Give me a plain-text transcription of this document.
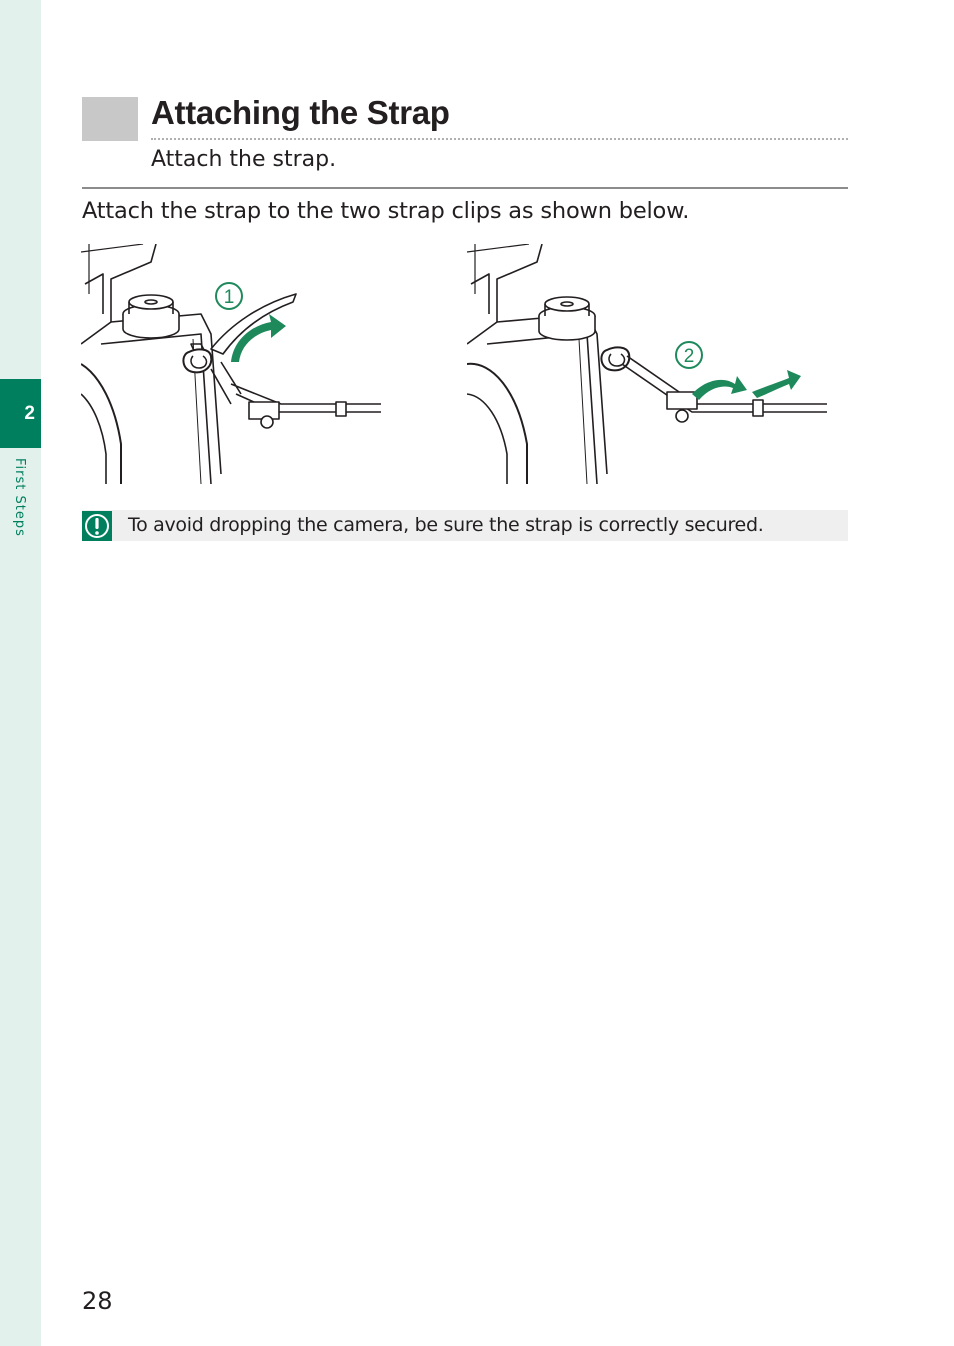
2
First Steps
Attaching the Strap
Attach the strap.
Attach the strap to the two strap clips as shown below.
1
2
To avoid dropping the camera, be sure the strap is correctly secured.
28
